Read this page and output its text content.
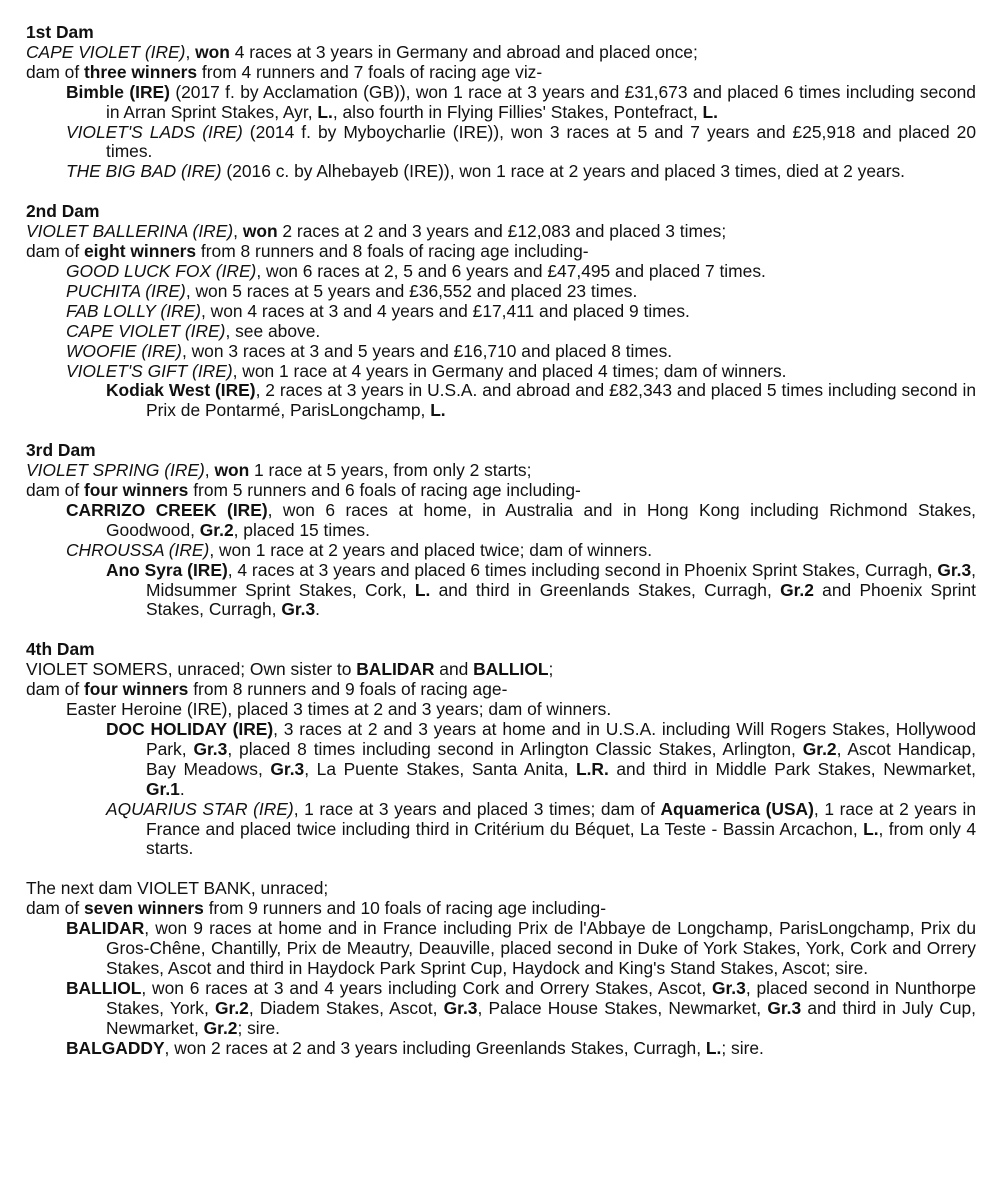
1st Dam
CAPE VIOLET (IRE), won 4 races at 3 years in Germany and abroad and placed once;
dam of three winners from 4 runners and 7 foals of racing age viz-
Bimble (IRE) (2017 f. by Acclamation (GB)), won 1 race at 3 years and £31,673 and placed 6 times including second in Arran Sprint Stakes, Ayr, L., also fourth in Flying Fillies' Stakes, Pontefract, L.
VIOLET'S LADS (IRE) (2014 f. by Myboycharlie (IRE)), won 3 races at 5 and 7 years and £25,918 and placed 20 times.
THE BIG BAD (IRE) (2016 c. by Alhebayeb (IRE)), won 1 race at 2 years and placed 3 times, died at 2 years.
2nd Dam
VIOLET BALLERINA (IRE), won 2 races at 2 and 3 years and £12,083 and placed 3 times;
dam of eight winners from 8 runners and 8 foals of racing age including-
GOOD LUCK FOX (IRE), won 6 races at 2, 5 and 6 years and £47,495 and placed 7 times.
PUCHITA (IRE), won 5 races at 5 years and £36,552 and placed 23 times.
FAB LOLLY (IRE), won 4 races at 3 and 4 years and £17,411 and placed 9 times.
CAPE VIOLET (IRE), see above.
WOOFIE (IRE), won 3 races at 3 and 5 years and £16,710 and placed 8 times.
VIOLET'S GIFT (IRE), won 1 race at 4 years in Germany and placed 4 times; dam of winners.
Kodiak West (IRE), 2 races at 3 years in U.S.A. and abroad and £82,343 and placed 5 times including second in Prix de Pontarmé, ParisLongchamp, L.
3rd Dam
VIOLET SPRING (IRE), won 1 race at 5 years, from only 2 starts;
dam of four winners from 5 runners and 6 foals of racing age including-
CARRIZO CREEK (IRE), won 6 races at home, in Australia and in Hong Kong including Richmond Stakes, Goodwood, Gr.2, placed 15 times.
CHROUSSA (IRE), won 1 race at 2 years and placed twice; dam of winners.
Ano Syra (IRE), 4 races at 3 years and placed 6 times including second in Phoenix Sprint Stakes, Curragh, Gr.3, Midsummer Sprint Stakes, Cork, L. and third in Greenlands Stakes, Curragh, Gr.2 and Phoenix Sprint Stakes, Curragh, Gr.3.
4th Dam
VIOLET SOMERS, unraced; Own sister to BALIDAR and BALLIOL;
dam of four winners from 8 runners and 9 foals of racing age-
Easter Heroine (IRE), placed 3 times at 2 and 3 years; dam of winners.
DOC HOLIDAY (IRE), 3 races at 2 and 3 years at home and in U.S.A. including Will Rogers Stakes, Hollywood Park, Gr.3, placed 8 times including second in Arlington Classic Stakes, Arlington, Gr.2, Ascot Handicap, Bay Meadows, Gr.3, La Puente Stakes, Santa Anita, L.R. and third in Middle Park Stakes, Newmarket, Gr.1.
AQUARIUS STAR (IRE), 1 race at 3 years and placed 3 times; dam of Aquamerica (USA), 1 race at 2 years in France and placed twice including third in Critérium du Béquet, La Teste - Bassin Arcachon, L., from only 4 starts.
The next dam VIOLET BANK, unraced;
dam of seven winners from 9 runners and 10 foals of racing age including-
BALIDAR, won 9 races at home and in France including Prix de l'Abbaye de Longchamp, ParisLongchamp, Prix du Gros-Chêne, Chantilly, Prix de Meautry, Deauville, placed second in Duke of York Stakes, York, Cork and Orrery Stakes, Ascot and third in Haydock Park Sprint Cup, Haydock and King's Stand Stakes, Ascot; sire.
BALLIOL, won 6 races at 3 and 4 years including Cork and Orrery Stakes, Ascot, Gr.3, placed second in Nunthorpe Stakes, York, Gr.2, Diadem Stakes, Ascot, Gr.3, Palace House Stakes, Newmarket, Gr.3 and third in July Cup, Newmarket, Gr.2; sire.
BALGADDY, won 2 races at 2 and 3 years including Greenlands Stakes, Curragh, L.; sire.
